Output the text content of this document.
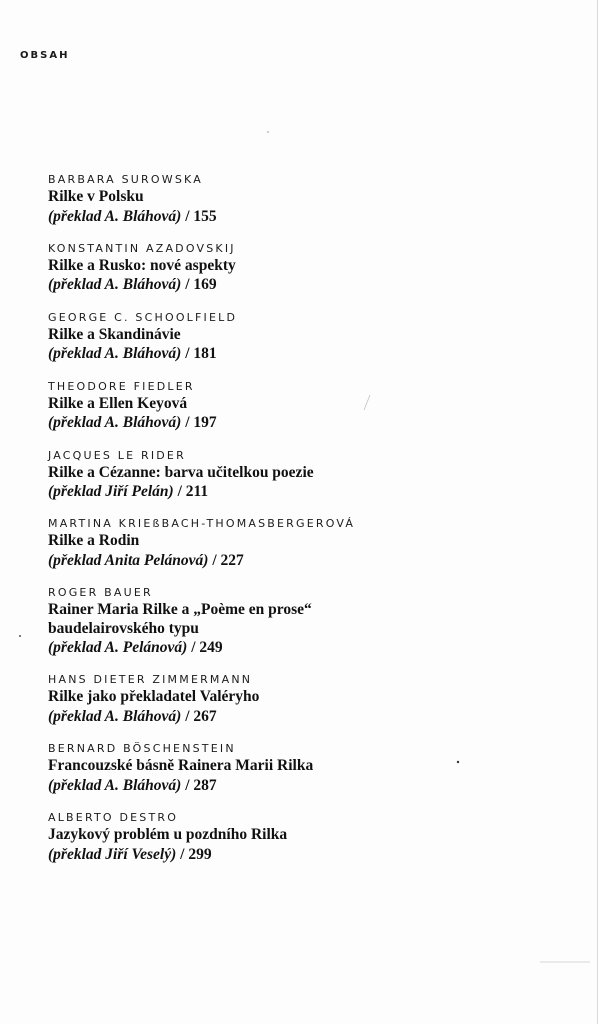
OBSAH
BARBARA SUROWSKA
Rilke v Polsku
(překlad A. Bláhová) / 155
KONSTANTIN AZADOVSKIJ
Rilke a Rusko: nové aspekty
(překlad A. Bláhová) / 169
GEORGE C. SCHOOLFIELD
Rilke a Skandinávie
(překlad A. Bláhová) / 181
THEODORE FIEDLER
Rilke a Ellen Keyová
(překlad A. Bláhová) / 197
JACQUES LE RIDER
Rilke a Cézanne: barva učitelkou poezie
(překlad Jiří Pelán) / 211
MARTINA KRIEßBACH-THOMASBERGEROVÁ
Rilke a Rodin
(překlad Anita Pelánová) / 227
ROGER BAUER
Rainer Maria Rilke a „Poème en prose“
baudelairovského typu
(překlad A. Pelánová) / 249
HANS DIETER ZIMMERMANN
Rilke jako překladatel Valéryho
(překlad A. Bláhová) / 267
BERNARD BÖSCHENSTEIN
Francouzské básně Rainera Marii Rilka
(překlad A. Bláhová) / 287
ALBERTO DESTRO
Jazykový problém u pozdního Rilka
(překlad Jiří Veselý) / 299
